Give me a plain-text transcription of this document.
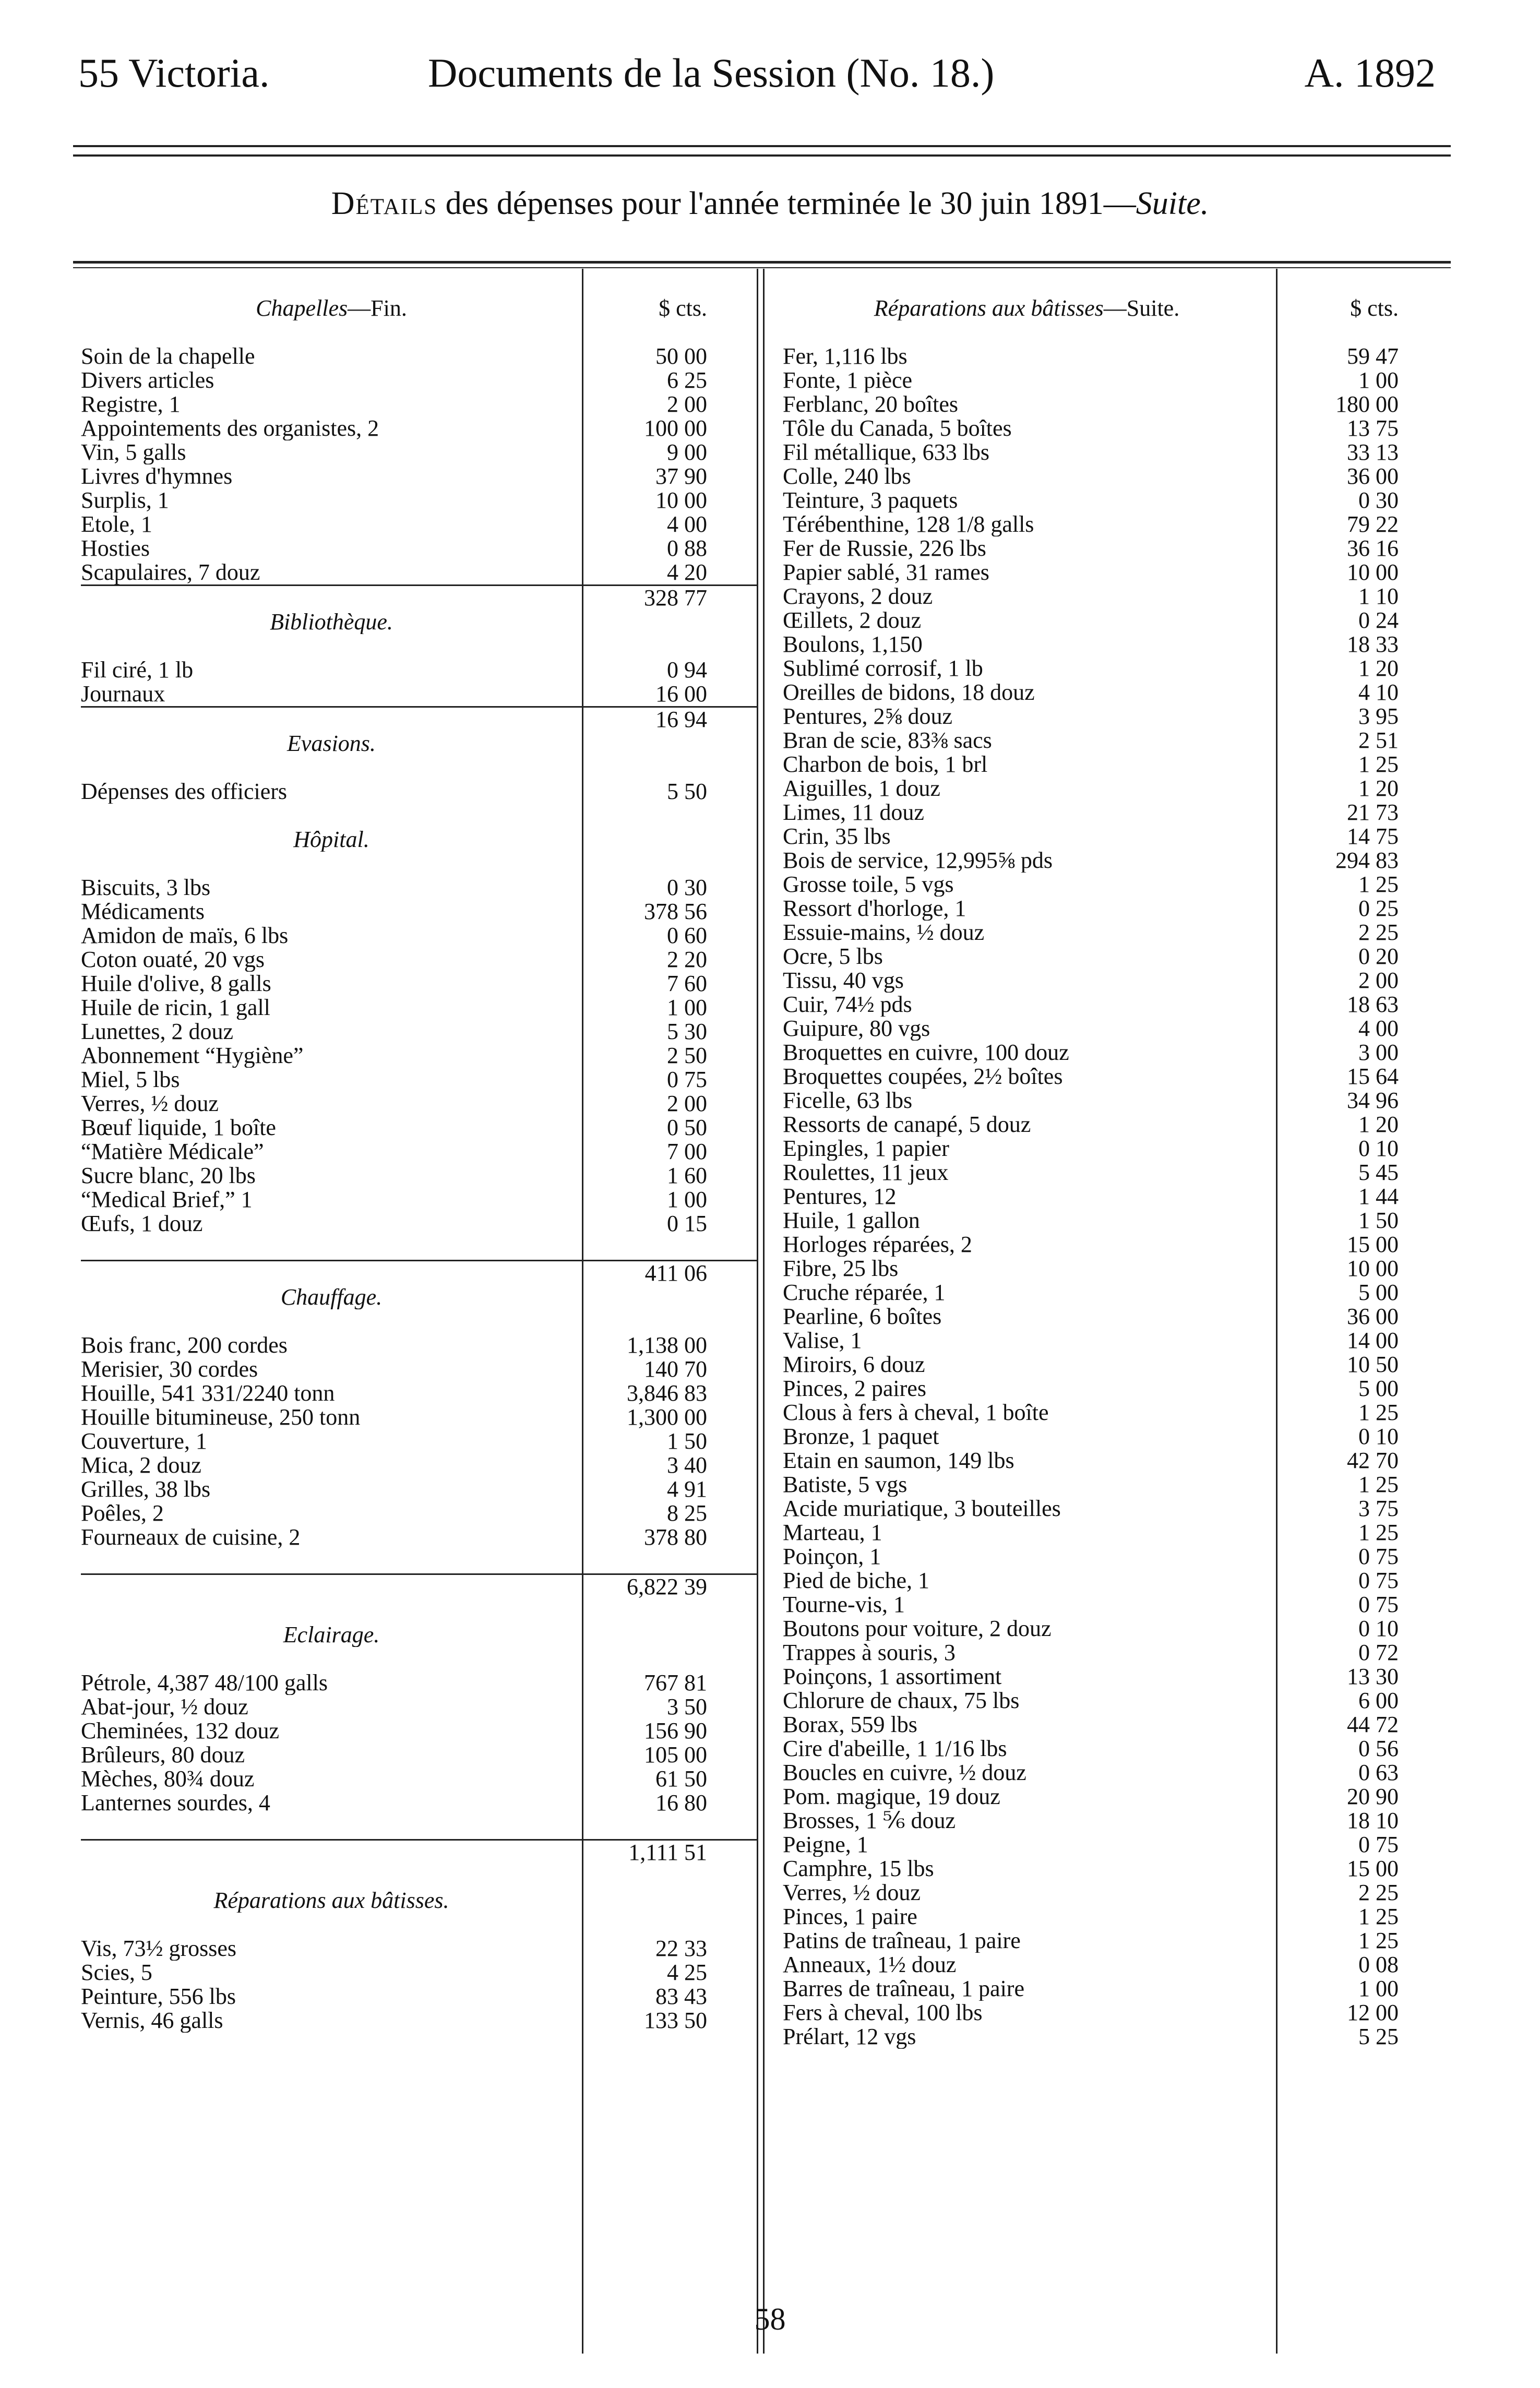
55 Victoria.	Documents de la Session (No. 18.)	A. 1892
Détails des dépenses pour l'année terminée le 30 juin 1891—Suite.
Chapelles—Fin.	$ cts.
Soin de la chapelle	50 00
Divers articles	6 25
Registre, 1	2 00
Appointements des organistes, 2	100 00
Vin, 5 galls	9 00
Livres d'hymnes	37 90
Surplis, 1	10 00
Etole, 1	4 00
Hosties	0 88
Scapulaires, 7 douz	4 20
328 77
Bibliothèque.
Fil ciré, 1 lb	0 94
Journaux	16 00
16 94
Evasions.
Dépenses des officiers	5 50
Hôpital.
Biscuits, 3 lbs	0 30
Médicaments	378 56
Amidon de maïs, 6 lbs	0 60
Coton ouaté, 20 vgs	2 20
Huile d'olive, 8 galls	7 60
Huile de ricin, 1 gall	1 00
Lunettes, 2 douz	5 30
Abonnement “Hygiène”	2 50
Miel, 5 lbs	0 75
Verres, ½ douz	2 00
Bœuf liquide, 1 boîte	0 50
“Matière Médicale”	7 00
Sucre blanc, 20 lbs	1 60
“Medical Brief,” 1	1 00
Œufs, 1 douz	0 15
411 06
Chauffage.
Bois franc, 200 cordes	1,138 00
Merisier, 30 cordes	140 70
Houille, 541 331/2240 tonn	3,846 83
Houille bitumineuse, 250 tonn	1,300 00
Couverture, 1	1 50
Mica, 2 douz	3 40
Grilles, 38 lbs	4 91
Poêles, 2	8 25
Fourneaux de cuisine, 2	378 80
6,822 39
Eclairage.
Pétrole, 4,387 48/100 galls	767 81
Abat-jour, ½ douz	3 50
Cheminées, 132 douz	156 90
Brûleurs, 80 douz	105 00
Mèches, 80¾ douz	61 50
Lanternes sourdes, 4	16 80
1,111 51
Réparations aux bâtisses.
Vis, 73½ grosses	22 33
Scies, 5	4 25
Peinture, 556 lbs	83 43
Vernis, 46 galls	133 50
Réparations aux bâtisses—Suite.	$ cts.
Fer, 1,116 lbs	59 47
Fonte, 1 pièce	1 00
Ferblanc, 20 boîtes	180 00
Tôle du Canada, 5 boîtes	13 75
Fil métallique, 633 lbs	33 13
Colle, 240 lbs	36 00
Teinture, 3 paquets	0 30
Térébenthine, 128 1/8 galls	79 22
Fer de Russie, 226 lbs	36 16
Papier sablé, 31 rames	10 00
Crayons, 2 douz	1 10
Œillets, 2 douz	0 24
Boulons, 1,150	18 33
Sublimé corrosif, 1 lb	1 20
Oreilles de bidons, 18 douz	4 10
Pentures, 2⅝ douz	3 95
Bran de scie, 83⅜ sacs	2 51
Charbon de bois, 1 brl	1 25
Aiguilles, 1 douz	1 20
Limes, 11 douz	21 73
Crin, 35 lbs	14 75
Bois de service, 12,995⅝ pds	294 83
Grosse toile, 5 vgs	1 25
Ressort d'horloge, 1	0 25
Essuie-mains, ½ douz	2 25
Ocre, 5 lbs	0 20
Tissu, 40 vgs	2 00
Cuir, 74½ pds	18 63
Guipure, 80 vgs	4 00
Broquettes en cuivre, 100 douz	3 00
Broquettes coupées, 2½ boîtes	15 64
Ficelle, 63 lbs	34 96
Ressorts de canapé, 5 douz	1 20
Epingles, 1 papier	0 10
Roulettes, 11 jeux	5 45
Pentures, 12	1 44
Huile, 1 gallon	1 50
Horloges réparées, 2	15 00
Fibre, 25 lbs	10 00
Cruche réparée, 1	5 00
Pearline, 6 boîtes	36 00
Valise, 1	14 00
Miroirs, 6 douz	10 50
Pinces, 2 paires	5 00
Clous à fers à cheval, 1 boîte	1 25
Bronze, 1 paquet	0 10
Etain en saumon, 149 lbs	42 70
Batiste, 5 vgs	1 25
Acide muriatique, 3 bouteilles	3 75
Marteau, 1	1 25
Poinçon, 1	0 75
Pied de biche, 1	0 75
Tourne-vis, 1	0 75
Boutons pour voiture, 2 douz	0 10
Trappes à souris, 3	0 72
Poinçons, 1 assortiment	13 30
Chlorure de chaux, 75 lbs	6 00
Borax, 559 lbs	44 72
Cire d'abeille, 1 1/16 lbs	0 56
Boucles en cuivre, ½ douz	0 63
Pom. magique, 19 douz	20 90
Brosses, 1 ⅚ douz	18 10
Peigne, 1	0 75
Camphre, 15 lbs	15 00
Verres, ½ douz	2 25
Pinces, 1 paire	1 25
Patins de traîneau, 1 paire	1 25
Anneaux, 1½ douz	0 08
Barres de traîneau, 1 paire	1 00
Fers à cheval, 100 lbs	12 00
Prélart, 12 vgs	5 25
58
